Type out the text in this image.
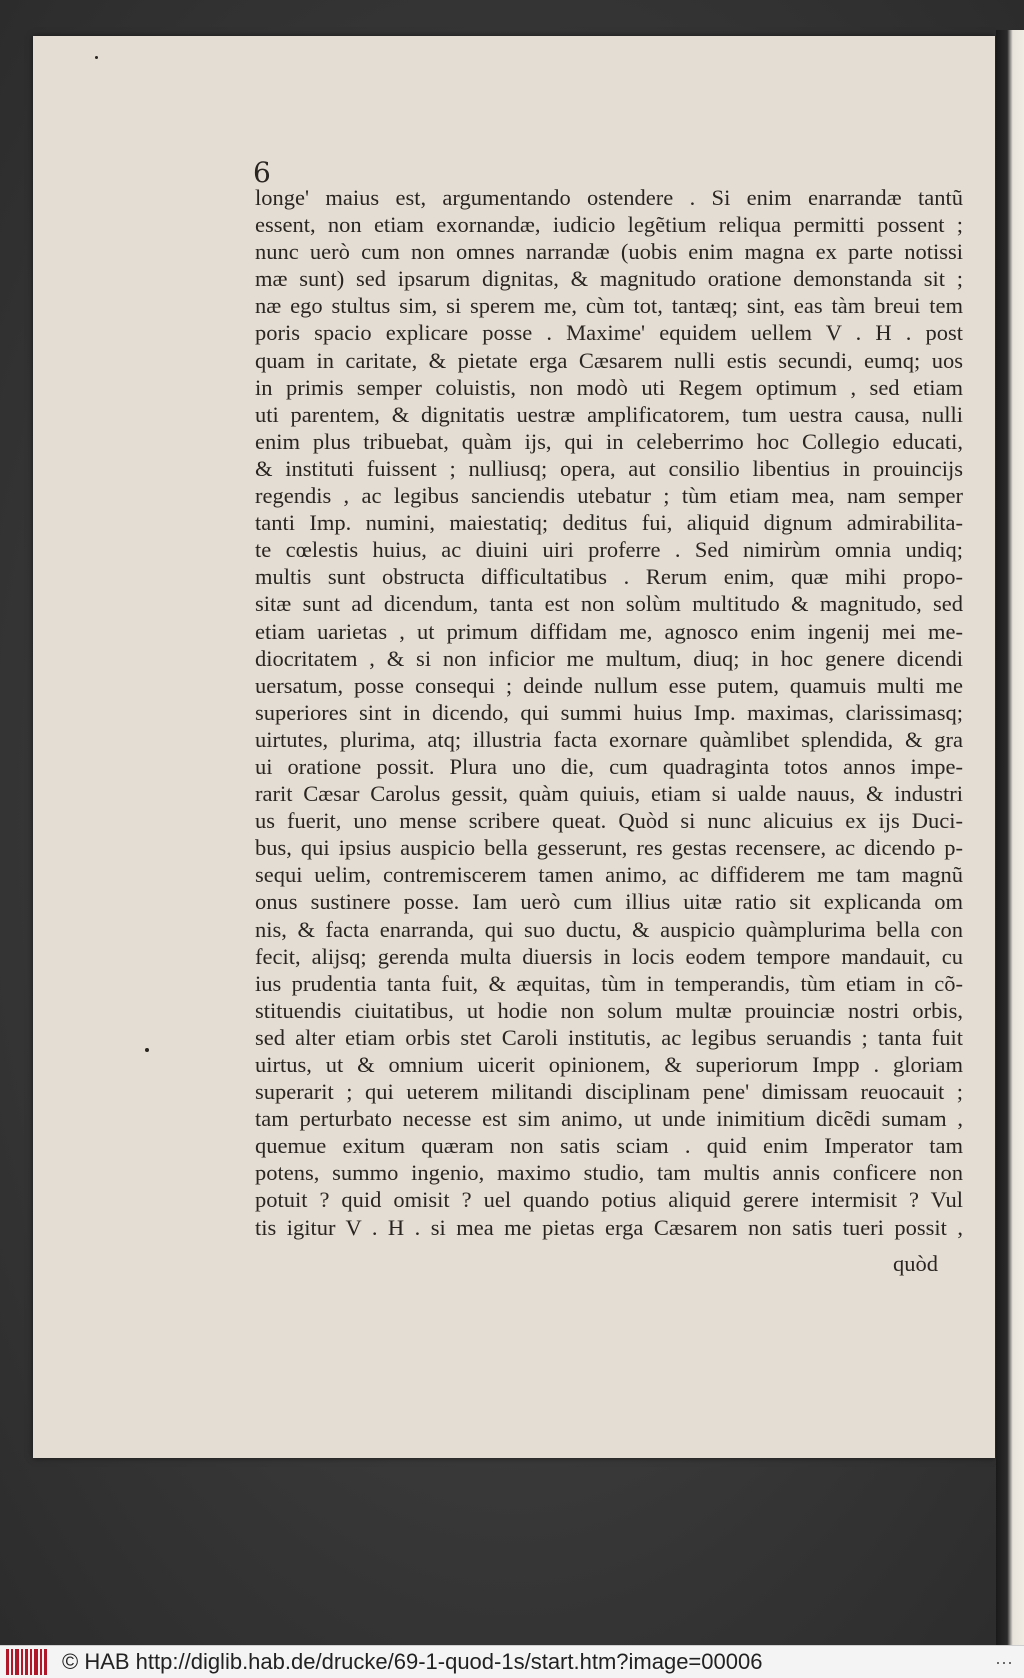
6
longe' maius est, argumentando ostendere . Si enim enarrandæ tantũ
essent, non etiam exornandæ, iudicio legẽtium reliqua permitti possent ;
nunc uerò cum non omnes narrandæ (uobis enim magna ex parte notissi
mæ sunt) sed ipsarum dignitas, & magnitudo oratione demonstanda sit ;
næ ego stultus sim, si sperem me, cùm tot, tantæq; sint, eas tàm breui tem
poris spacio explicare posse . Maxime' equidem uellem V . H . post
quam in caritate, & pietate erga Cæsarem nulli estis secundi, eumq; uos
in primis semper coluistis, non modò uti Regem optimum , sed etiam
uti parentem, & dignitatis uestræ amplificatorem, tum uestra causa, nulli
enim plus tribuebat, quàm ijs, qui in celeberrimo hoc Collegio educati,
& instituti fuissent ; nulliusq; opera, aut consilio libentius in prouincijs
regendis , ac legibus sanciendis utebatur ; tùm etiam mea, nam semper
tanti Imp. numini, maiestatiq; deditus fui, aliquid dignum admirabilita-
te cœlestis huius, ac diuini uiri proferre . Sed nimirùm omnia undiq;
multis sunt obstructa difficultatibus . Rerum enim, quæ mihi propo-
sitæ sunt ad dicendum, tanta est non solùm multitudo & magnitudo, sed
etiam uarietas , ut primum diffidam me, agnosco enim ingenij mei me-
diocritatem , & si non inficior me multum, diuq; in hoc genere dicendi
uersatum, posse consequi ; deinde nullum esse putem, quamuis multi me
superiores sint in dicendo, qui summi huius Imp. maximas, clarissimasq;
uirtutes, plurima, atq; illustria facta exornare quàmlibet splendida, & gra
ui oratione possit. Plura uno die, cum quadraginta totos annos impe-
rarit Cæsar Carolus gessit, quàm quiuis, etiam si ualde nauus, & industri
us fuerit, uno mense scribere queat. Quòd si nunc alicuius ex ijs Duci-
bus, qui ipsius auspicio bella gesserunt, res gestas recensere, ac dicendo p-
sequi uelim, contremiscerem tamen animo, ac diffiderem me tam magnũ
onus sustinere posse. Iam uerò cum illius uitæ ratio sit explicanda om
nis, & facta enarranda, qui suo ductu, & auspicio quàmplurima bella con
fecit, alijsq; gerenda multa diuersis in locis eodem tempore mandauit, cu
ius prudentia tanta fuit, & æquitas, tùm in temperandis, tùm etiam in cõ-
stituendis ciuitatibus, ut hodie non solum multæ prouinciæ nostri orbis,
sed alter etiam orbis stet Caroli institutis, ac legibus seruandis ; tanta fuit
uirtus, ut & omnium uicerit opinionem, & superiorum Impp . gloriam
superarit ; qui ueterem militandi disciplinam pene' dimissam reuocauit ;
tam perturbato necesse est sim animo, ut unde inimitium dicẽdi sumam ,
quemue exitum quæram non satis sciam . quid enim Imperator tam
potens, summo ingenio, maximo studio, tam multis annis conficere non
potuit ? quid omisit ? uel quando potius aliquid gerere intermisit ? Vul
tis igitur V . H . si mea me pietas erga Cæsarem non satis tueri possit ,
quòd
© HAB http://diglib.hab.de/drucke/69-1-quod-1s/start.htm?image=00006	···
